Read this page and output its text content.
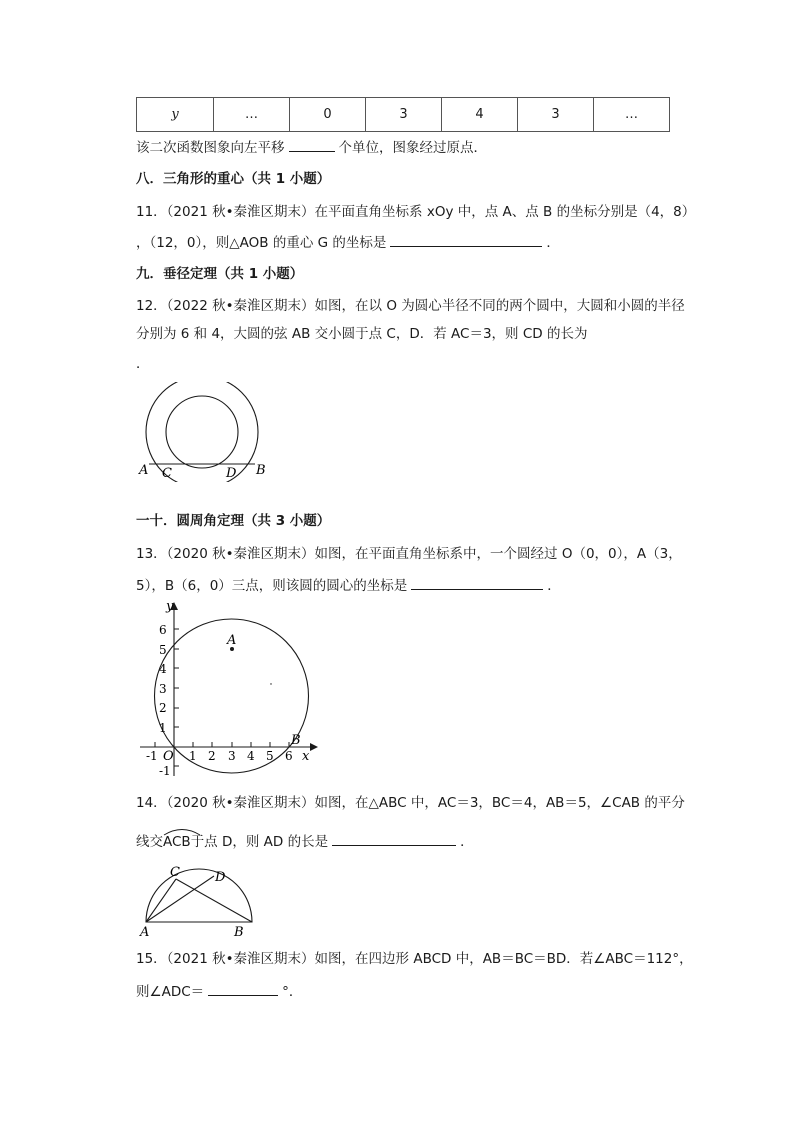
y	…	0	3	4	3	…
该二次函数图象向左平移	个单位，图象经过原点．
八．三角形的重心（共 1 小题）
11．（2021 秋•秦淮区期末）在平面直角坐标系 xOy 中，点 A、点 B 的坐标分别是（4，8）
，（12，0），则△AOB 的重心 G 的坐标是	．
九．垂径定理（共 1 小题）
12．（2022 秋•秦淮区期末）如图，在以 O 为圆心半径不同的两个圆中，大圆和小圆的半径
分别为 6 和 4，大圆的弦 AB 交小圆于点 C，D．若 AC＝3，则 CD 的长为
．
A C	D B
一十．圆周角定理（共 3 小题）
13．（2020 秋•秦淮区期末）如图，在平面直角坐标系中，一个圆经过 O（0，0），A（3，
5），B（6，0）三点，则该圆的圆心的坐标是	．
y
x
O
A
B
6
5
4
3
2
1
-1
-1	1 2 3 4 5 6
14．（2020 秋•秦淮区期末）如图，在△ABC 中，AC＝3，BC＝4，AB＝5，∠CAB 的平分
线交
ACB于点 D，则 AD 的长是	．
C	D
A	B
15．（2021 秋•秦淮区期末）如图，在四边形 ABCD 中，AB＝BC＝BD．若∠ABC＝112°，
则∠ADC＝	°．
